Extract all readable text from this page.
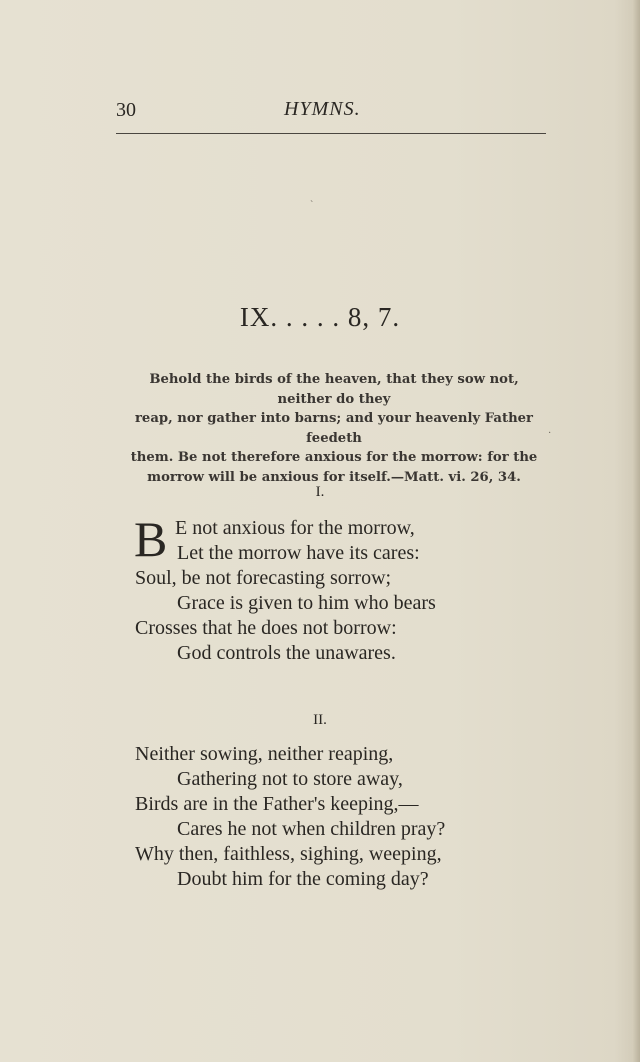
30	HYMNS.
ˋ
IX. . . . . 8, 7.
Behold the birds of the heaven, that they sow not, neither do they
reap, nor gather into barns; and your heavenly Father feedeth
them. Be not therefore anxious for the morrow: for the
morrow will be anxious for itself.—Matt. vi. 26, 34.
·
I.
B E not anxious for the morrow,
Let the morrow have its cares:
Soul, be not forecasting sorrow;
Grace is given to him who bears
Crosses that he does not borrow:
God controls the unawares.
II.
Neither sowing, neither reaping,
Gathering not to store away,
Birds are in the Father's keeping,—
Cares he not when children pray?
Why then, faithless, sighing, weeping,
Doubt him for the coming day?
